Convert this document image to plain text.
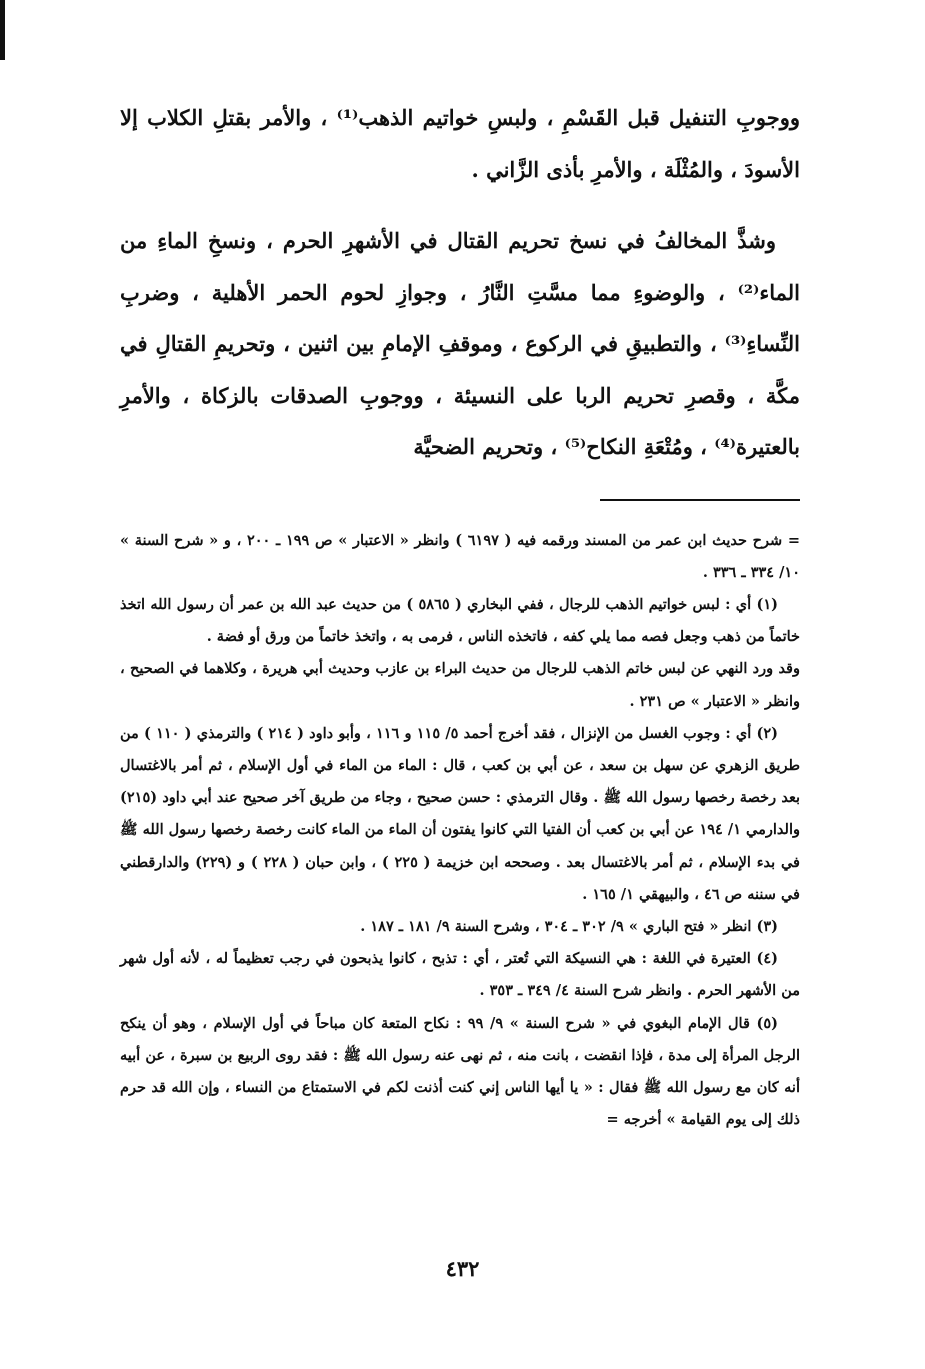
ووجوبِ التنفيل قبل القَسْمِ ، ولبسِ خواتيم الذهب⁽¹⁾ ، والأمر بقتلِ الكلاب إلا الأسودَ ، والمُثْلَة ، والأمرِ بأذى الزَّاني .

وشذَّ المخالفُ في نسخ تحريم القتال في الأشهرِ الحرم ، ونسخِ الماءِ من الماء⁽²⁾ ، والوضوءِ مما مسَّتِ النَّارُ ، وجوازِ لحوم الحمر الأهلية ، وضربِ النِّساءِ⁽³⁾ ، والتطبيقِ في الركوع ، وموقفِ الإمامِ بين اثنين ، وتحريمِ القتالِ في مكَّة ، وقصرِ تحريم الربا على النسيئة ، ووجوبِ الصدقات بالزكاة ، والأمرِ بالعتيرة⁽⁴⁾ ، ومُتْعَةِ النكاح⁽⁵⁾ ، وتحريم الضحيَّة

= شرح حديث ابن عمر من المسند ورقمه فيه ( ٦١٩٧ ) وانظر « الاعتبار » ص ١٩٩ ـ ٢٠٠ ، و « شرح السنة » ١٠/ ٣٣٤ ـ ٣٣٦ .

(١) أي : لبس خواتيم الذهب للرجال ، ففي البخاري ( ٥٨٦٥ ) من حديث عبد الله بن عمر أن رسول الله اتخذ خاتماً من ذهب وجعل فصه مما يلي كفه ، فاتخذه الناس ، فرمى به ، واتخذ خاتماً من ورق أو فضة .

وقد ورد النهي عن لبس خاتم الذهب للرجال من حديث البراء بن عازب وحديث أبي هريرة ، وكلاهما في الصحيح ، وانظر « الاعتبار » ص ٢٣١ .

(٢) أي : وجوب الغسل من الإنزال ، فقد أخرج أحمد ٥/ ١١٥ و ١١٦ ، وأبو داود ( ٢١٤ ) والترمذي ( ١١٠ ) من طريق الزهري عن سهل بن سعد ، عن أبي بن كعب ، قال : الماء من الماء في أول الإسلام ، ثم أمر بالاغتسال بعد رخصة رخصها رسول الله ﷺ . وقال الترمذي : حسن صحيح ، وجاء من طريق آخر صحيح عند أبي داود (٢١٥) والدارمي ١/ ١٩٤ عن أبي بن كعب أن الفتيا التي كانوا يفتون أن الماء من الماء كانت رخصة رخصها رسول الله ﷺ في بدء الإسلام ، ثم أمر بالاغتسال بعد . وصححه ابن خزيمة ( ٢٢٥ ) ، وابن حبان ( ٢٢٨ ) و (٢٢٩) والدارقطني في سننه ص ٤٦ ، والبيهقي ١/ ١٦٥ .

(٣) انظر « فتح الباري » ٩/ ٣٠٢ ـ ٣٠٤ ، وشرح السنة ٩/ ١٨١ ـ ١٨٧ .

(٤) العتيرة في اللغة : هي النسيكة التي تُعتر ، أي : تذبح ، كانوا يذبحون في رجب تعظيماً له ، لأنه أول شهر من الأشهر الحرم . وانظر شرح السنة ٤/ ٣٤٩ ـ ٣٥٣ .

(٥) قال الإمام البغوي في « شرح السنة » ٩/ ٩٩ : نكاح المتعة كان مباحاً في أول الإسلام ، وهو أن ينكح الرجل المرأة إلى مدة ، فإذا انقضت ، بانت منه ، ثم نهى عنه رسول الله ﷺ : فقد روى الربيع بن سبرة ، عن أبيه أنه كان مع رسول الله ﷺ فقال : « يا أيها الناس إني كنت أذنت لكم في الاستمتاع من النساء ، وإن الله قد حرم ذلك إلى يوم القيامة » أخرجه =

٤٣٢
